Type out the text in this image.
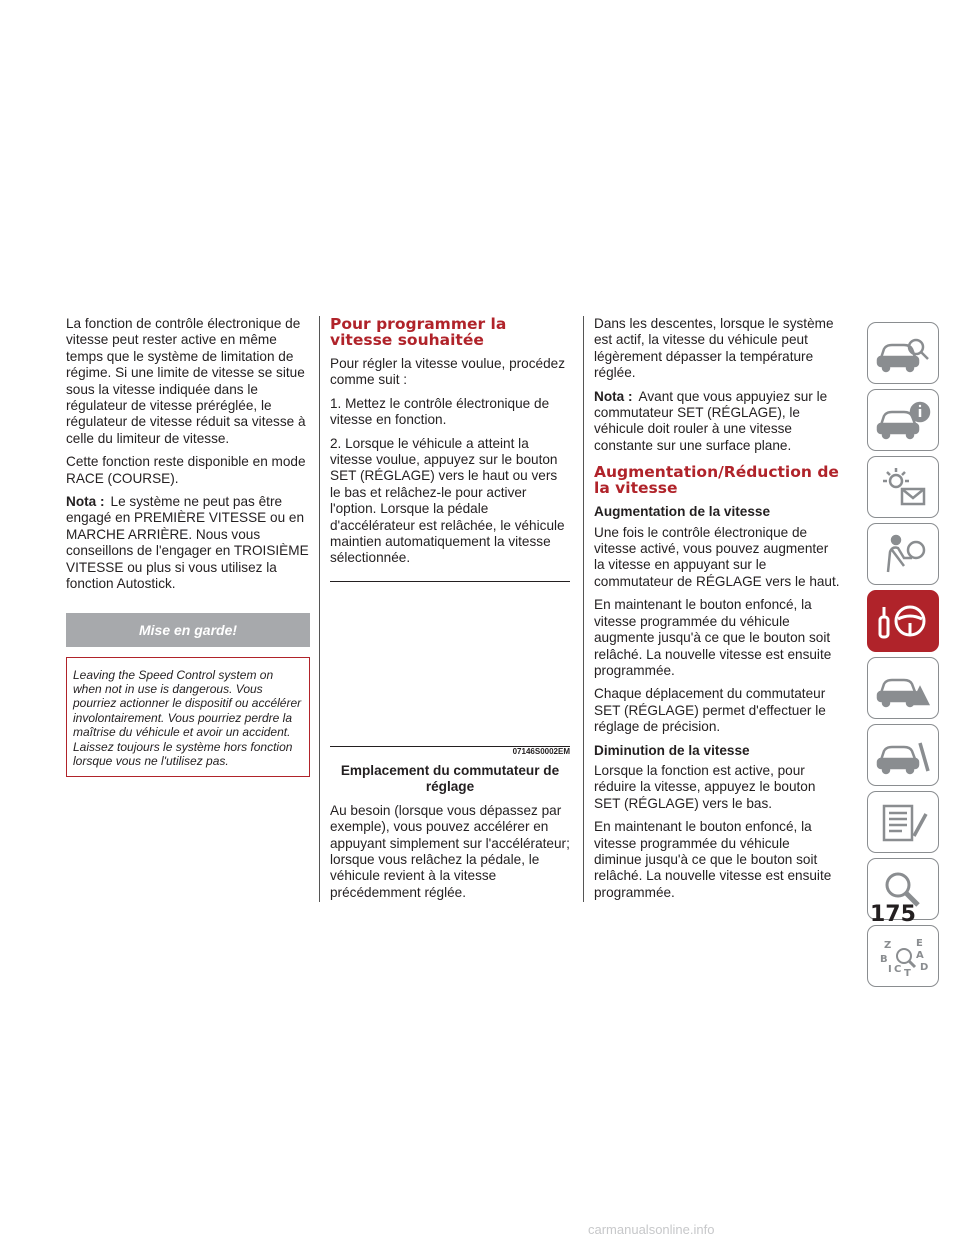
La fonction de contrôle électronique de vitesse peut rester active en même temps que le système de limitation de régime. Si une limite de vitesse se situe sous la vitesse indiquée dans le régulateur de vitesse préréglée, le régulateur de vitesse réduit sa vitesse à celle du limiteur de vitesse.

Cette fonction reste disponible en mode RACE (COURSE).

Nota : Le système ne peut pas être engagé en PREMIÈRE VITESSE ou en MARCHE ARRIÈRE. Nous vous conseillons de l'engager en TROISIÈME VITESSE ou plus si vous utilisez la fonction Autostick.

Mise en garde!
Leaving the Speed Control system on when not in use is dangerous. Vous pourriez actionner le dispositif ou accélérer involontairement. Vous pourriez perdre la maîtrise du véhicule et avoir un accident. Laissez toujours le système hors fonction lorsque vous ne l'utilisez pas.
Pour programmer la vitesse souhaitée

Pour régler la vitesse voulue, procédez comme suit :

1. Mettez le contrôle électronique de vitesse en fonction.

2. Lorsque le véhicule a atteint la vitesse voulue, appuyez sur le bouton SET (RÉGLAGE) vers le haut ou vers le bas et relâchez-le pour activer l'option. Lorsque la pédale d'accélérateur est relâchée, le véhicule maintien automatiquement la vitesse sélectionnée.

07146S0002EM
Emplacement du commutateur de réglage

Au besoin (lorsque vous dépassez par exemple), vous pouvez accélérer en appuyant simplement sur l'accélérateur; lorsque vous relâchez la pédale, le véhicule revient à la vitesse précédemment réglée.

Dans les descentes, lorsque le système est actif, la vitesse du véhicule peut légèrement dépasser la température réglée.

Nota : Avant que vous appuyiez sur le commutateur SET (RÉGLAGE), le véhicule doit rouler à une vitesse constante sur une surface plane.

Augmentation/Réduction de la vitesse
Augmentation de la vitesse

Une fois le contrôle électronique de vitesse activé, vous pouvez augmenter la vitesse en appuyant sur le commutateur de RÉGLAGE vers le haut.

En maintenant le bouton enfoncé, la vitesse programmée du véhicule augmente jusqu'à ce que le bouton soit relâché. La nouvelle vitesse est ensuite programmée.

Chaque déplacement du commutateur SET (RÉGLAGE) permet d'effectuer le réglage de précision.

Diminution de la vitesse

Lorsque la fonction est active, pour réduire la vitesse, appuyez le bouton SET (RÉGLAGE) vers le bas.

En maintenant le bouton enfoncé, la vitesse programmée du véhicule diminue jusqu'à ce que le bouton soit relâché. La nouvelle vitesse est ensuite programmée.

Z E
A
B
D
I C T
175
carmanualsonline.info
